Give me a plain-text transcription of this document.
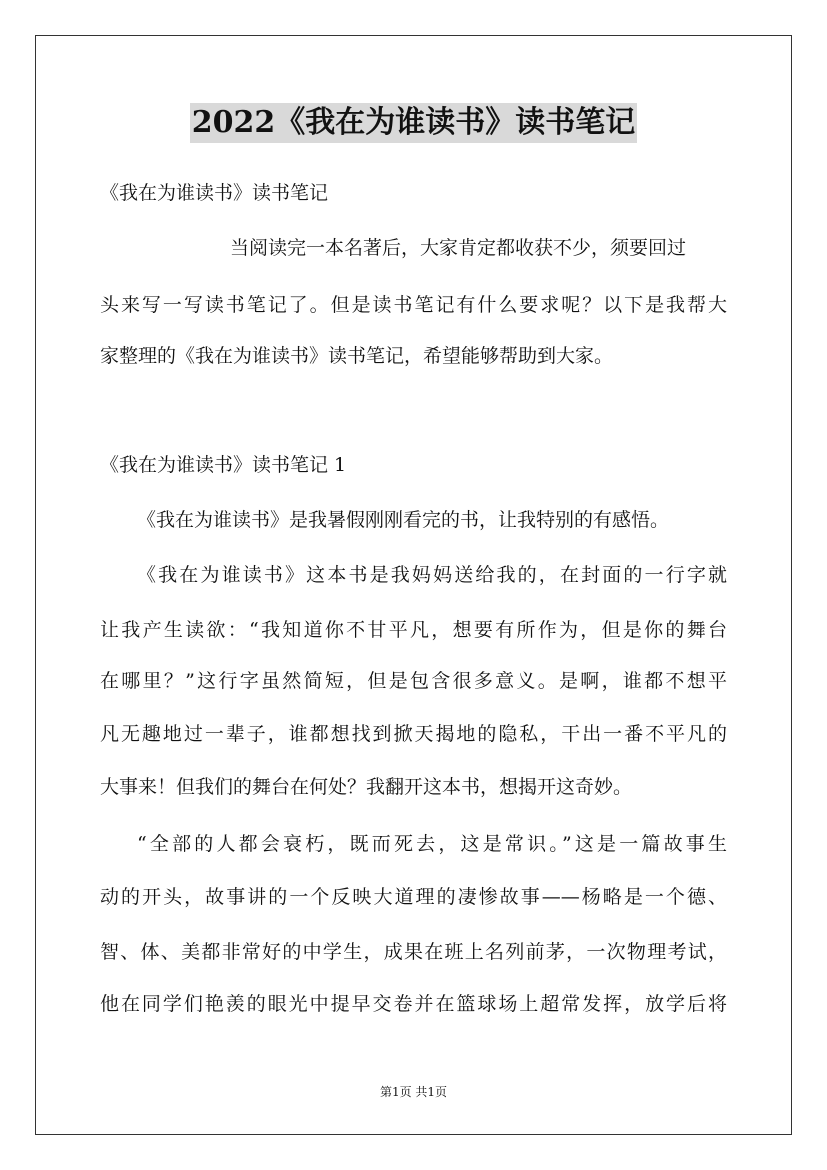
2022《我在为谁读书》读书笔记
《我在为谁读书》读书笔记
当阅读完一本名著后，大家肯定都收获不少，须要回过
头来写一写读书笔记了。但是读书笔记有什么要求呢？以下是我帮大
家整理的《我在为谁读书》读书笔记，希望能够帮助到大家。
《我在为谁读书》读书笔记 1
《我在为谁读书》是我暑假刚刚看完的书，让我特别的有感悟。
《我在为谁读书》这本书是我妈妈送给我的，在封面的一行字就
让我产生读欲：“我知道你不甘平凡，想要有所作为，但是你的舞台
在哪里？”这行字虽然简短，但是包含很多意义。是啊，谁都不想平
凡无趣地过一辈子，谁都想找到掀天揭地的隐私，干出一番不平凡的
大事来！但我们的舞台在何处？我翻开这本书，想揭开这奇妙。
“全部的人都会衰朽，既而死去，这是常识。”这是一篇故事生
动的开头，故事讲的一个反映大道理的凄惨故事——杨略是一个德、
智、体、美都非常好的中学生，成果在班上名列前茅，一次物理考试，
他在同学们艳羡的眼光中提早交卷并在篮球场上超常发挥，放学后将
第1页 共1页
